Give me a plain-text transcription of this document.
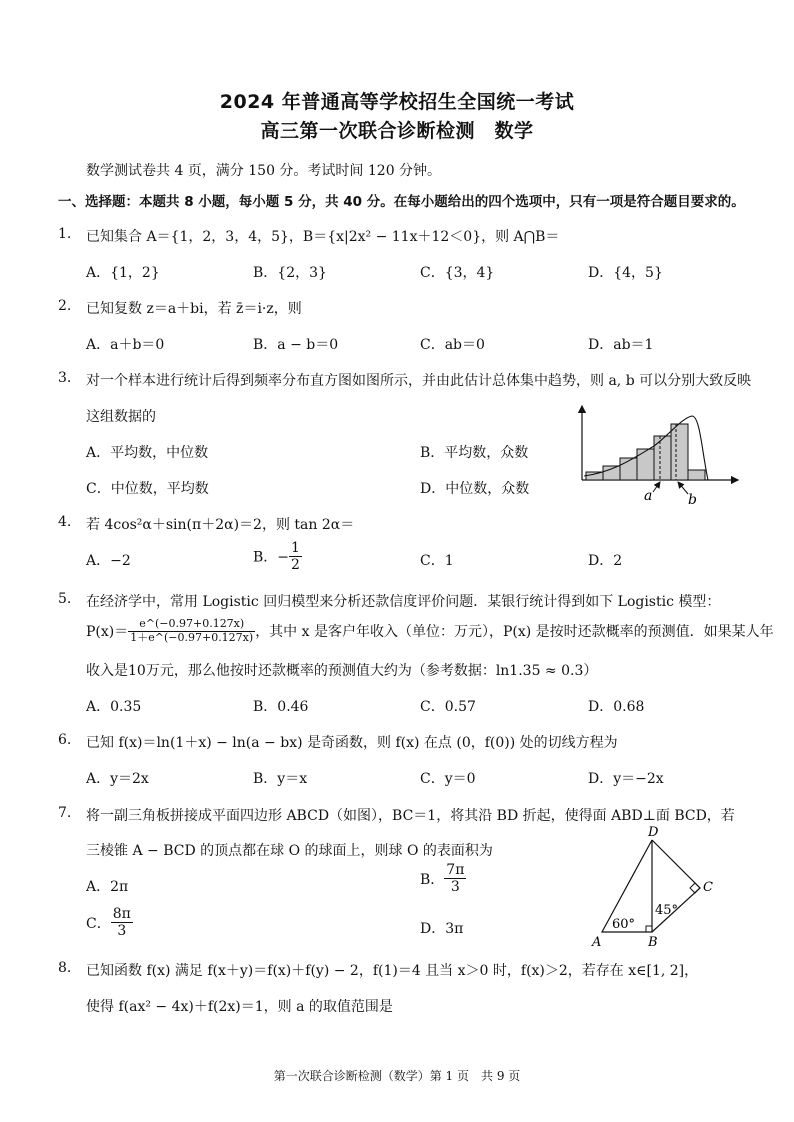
2024 年普通高等学校招生全国统一考试
高三第一次联合诊断检测　数学
数学测试卷共 4 页，满分 150 分。考试时间 120 分钟。
一、选择题：本题共 8 小题，每小题 5 分，共 40 分。在每小题给出的四个选项中，只有一项是符合题目要求的。
1. 已知集合 A＝{1，2，3，4，5}，B＝{x|2x² − 11x＋12＜0}，则 A⋂B＝
A．{1，2}	B．{2，3}	C．{3，4}	D．{4，5}
2. 已知复数 z＝a＋bi，若 z̄＝i·z，则
A．a＋b＝0	B．a − b＝0	C．ab＝0	D．ab＝1
3. 对一个样本进行统计后得到频率分布直方图如图所示，并由此估计总体集中趋势，则 a, b 可以分别大致反映
这组数据的
A．平均数，中位数	B．平均数，众数
C．中位数，平均数	D．中位数，众数	a	b
4. 若 4cos²α＋sin(π＋2α)＝2，则 tan 2α＝
A．−2	B．− $\frac{1}{2}$	C．1	D．2
5. 在经济学中，常用 Logistic 回归模型来分析还款信度评价问题．某银行统计得到如下 Logistic 模型：
$P(x)= \frac{e\^{}(-0.97+0.127x)}{1+e\^{}(-0.97+0.127x)}$ ，其中 x 是客户年收入（单位：万元），P(x) 是按时还款概率的预测值．如果某人年
收入是10万元，那么他按时还款概率的预测值大约为（参考数据：ln1.35 ≈ 0.3）
A．0.35	B．0.46	C．0.57	D．0.68
6. 已知 f(x)＝ln(1＋x) − ln(a − bx) 是奇函数，则 f(x) 在点 (0，f(0)) 处的切线方程为
A．y＝2x	B．y＝x	C．y＝0	D．y＝−2x
7. 将一副三角板拼接成平面四边形 ABCD（如图），BC＝1，将其沿 BD 折起，使得面 ABD⊥面 BCD，若
三棱锥 A − BCD 的顶点都在球 O 的球面上，则球 O 的表面积为
A．2π	B． $\frac{7\pi}{3}$
C． $\frac{8\pi}{3}$	D．3π
D
C
A	B
60°
45°
8. 已知函数 f(x) 满足 f(x＋y)＝f(x)＋f(y) − 2，f(1)＝4 且当 x＞0 时，f(x)＞2，若存在 x∈[1, 2]，
使得 f(ax² − 4x)＋f(2x)＝1，则 a 的取值范围是
第一次联合诊断检测（数学）第 1 页　共 9 页
